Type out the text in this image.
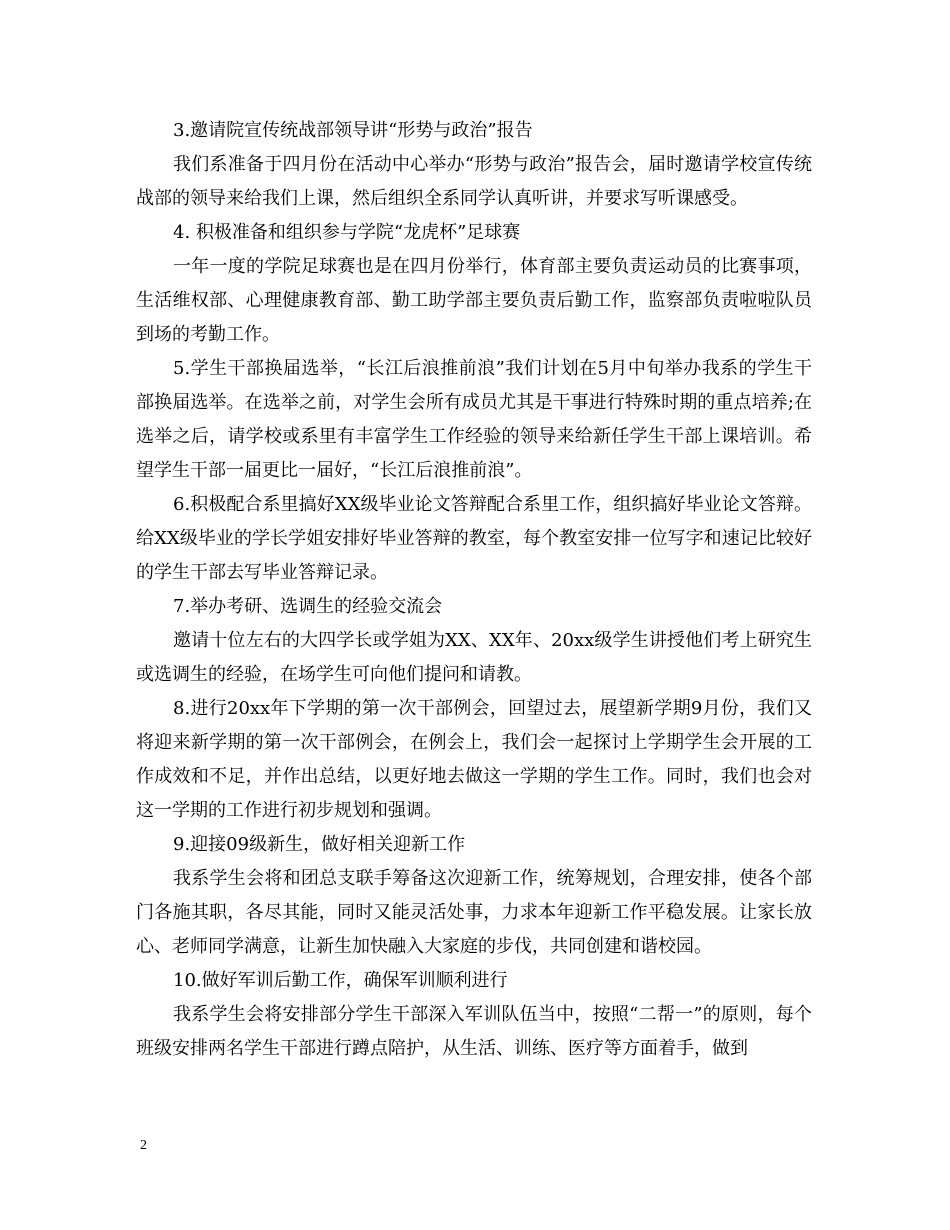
3.邀请院宣传统战部领导讲“形势与政治”报告

我们系准备于四月份在活动中心举办“形势与政治”报告会，届时邀请学校宣传统战部的领导来给我们上课，然后组织全系同学认真听讲，并要求写听课感受。

4. 积极准备和组织参与学院“龙虎杯”足球赛

一年一度的学院足球赛也是在四月份举行，体育部主要负责运动员的比赛事项，生活维权部、心理健康教育部、勤工助学部主要负责后勤工作，监察部负责啦啦队员到场的考勤工作。

5.学生干部换届选举，“长江后浪推前浪”我们计划在5月中旬举办我系的学生干部换届选举。在选举之前，对学生会所有成员尤其是干事进行特殊时期的重点培养;在选举之后，请学校或系里有丰富学生工作经验的领导来给新任学生干部上课培训。希望学生干部一届更比一届好，“长江后浪推前浪”。

6.积极配合系里搞好XX级毕业论文答辩配合系里工作，组织搞好毕业论文答辩。给XX级毕业的学长学姐安排好毕业答辩的教室，每个教室安排一位写字和速记比较好的学生干部去写毕业答辩记录。

7.举办考研、选调生的经验交流会

邀请十位左右的大四学长或学姐为XX、XX年、20xx级学生讲授他们考上研究生或选调生的经验，在场学生可向他们提问和请教。

8.进行20xx年下学期的第一次干部例会，回望过去，展望新学期9月份，我们又将迎来新学期的第一次干部例会，在例会上，我们会一起探讨上学期学生会开展的工作成效和不足，并作出总结，以更好地去做这一学期的学生工作。同时，我们也会对这一学期的工作进行初步规划和强调。

9.迎接09级新生，做好相关迎新工作

我系学生会将和团总支联手筹备这次迎新工作，统筹规划，合理安排，使各个部门各施其职，各尽其能，同时又能灵活处事，力求本年迎新工作平稳发展。让家长放心、老师同学满意，让新生加快融入大家庭的步伐，共同创建和谐校园。

10.做好军训后勤工作，确保军训顺利进行

我系学生会将安排部分学生干部深入军训队伍当中，按照“二帮一”的原则，每个班级安排两名学生干部进行蹲点陪护，从生活、训练、医疗等方面着手，做到

2
